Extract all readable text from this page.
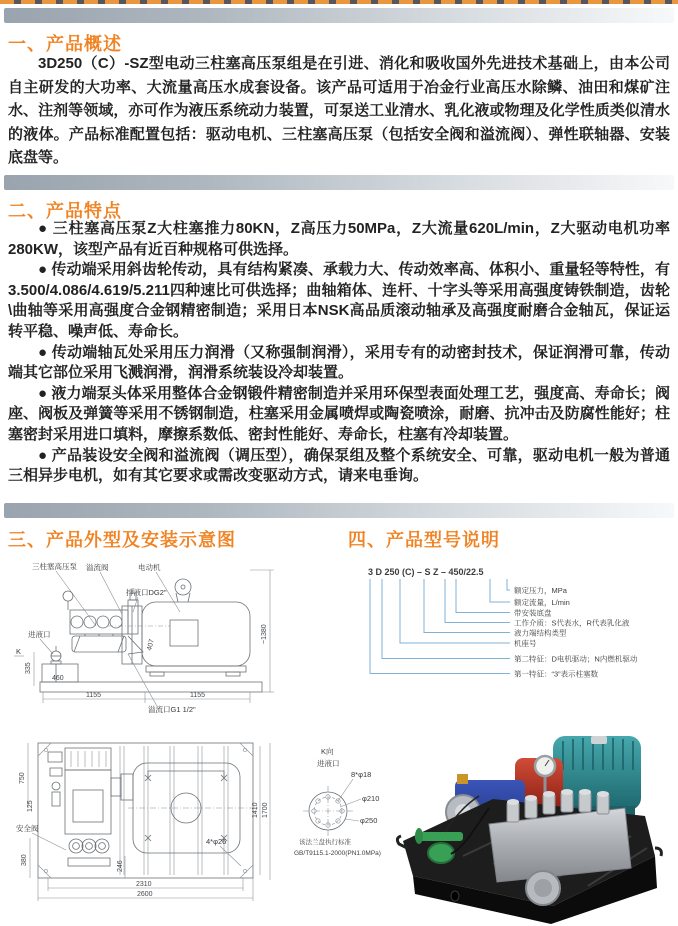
一、产品概述

3D250（C）-SZ型电动三柱塞高压泵组是在引进、消化和吸收国外先进技术基础上，由本公司自主研发的大功率、大流量高压水成套设备。该产品可适用于冶金行业高压水除鳞、油田和煤矿注水、注剂等领域，亦可作为液压系统动力装置，可泵送工业清水、乳化液或物理及化学性质类似清水的液体。产品标准配置包括：驱动电机、三柱塞高压泵（包括安全阀和溢流阀）、弹性联轴器、安装底盘等。

二、产品特点

● 三柱塞高压泵Z大柱塞推力80KN，Z高压力50MPa，Z大流量620L/min，Z大驱动电机功率280KW，该型产品有近百种规格可供选择。

● 传动端采用斜齿轮传动，具有结构紧凑、承载力大、传动效率高、体积小、重量轻等特性，有3.500/4.086/4.619/5.211四种速比可供选择；曲轴箱体、连杆、十字头等采用高强度铸铁制造，齿轮\曲轴等采用高强度合金钢精密制造；采用日本NSK高品质滚动轴承及高强度耐磨合金轴瓦，保证运转平稳、噪声低、寿命长。

● 传动端轴瓦处采用压力润滑（又称强制润滑），采用专有的动密封技术，保证润滑可靠，传动端其它部位采用飞溅润滑，润滑系统装设冷却装置。

● 液力端泵头体采用整体合金钢锻件精密制造并采用环保型表面处理工艺，强度高、寿命长；阀座、阀板及弹簧等采用不锈钢制造，柱塞采用金属喷焊或陶瓷喷涂，耐磨、抗冲击及防腐性能好；柱塞密封采用进口填料，摩擦系数低、密封性能好、寿命长，柱塞有冷却装置。

● 产品装设安全阀和溢流阀（调压型），确保泵组及整个系统安全、可靠，驱动电机一般为普通三相异步电机，如有其它要求或需改变驱动方式，请来电垂询。

三、产品外型及安装示意图	四、产品型号说明
三柱塞高压泵 溢流阀	电动机
排液口DG2"
进液口
K
1155	1155
~1380
407
335
460
溢流口G1 1/2"
3 D 250 (C) – S Z – 450/22.5
额定压力，MPa
额定流量，L/min
带安装底盘
工作介质：S代表水，R代表乳化液
液力端结构类型
机座号
第二特征：D电机驱动；N内燃机驱动
第一特征：“3”表示柱塞数
750
125
380
246
2310
2600
1410 1700
4*φ26
安全阀
K向
进液口
8*φ18
φ210
φ250
该法兰盘执行标准
GB/T9115.1-2000(PN1.0MPa)
